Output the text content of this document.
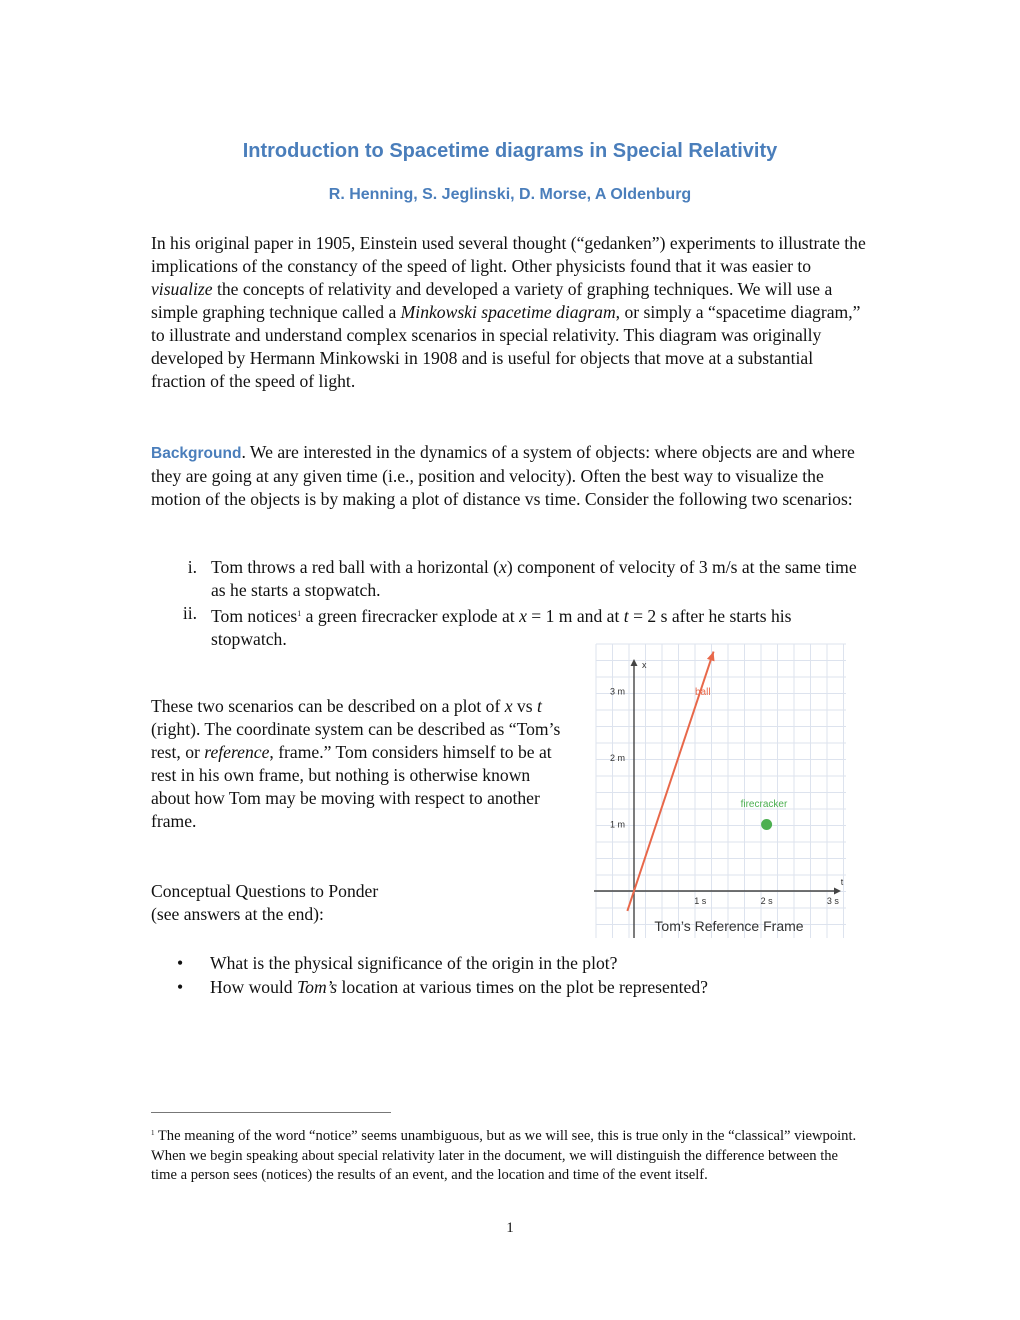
Introduction to Spacetime diagrams in Special Relativity
R. Henning, S. Jeglinski, D. Morse, A Oldenburg

In his original paper in 1905, Einstein used several thought (“gedanken”) experiments to illustrate the implications of the constancy of the speed of light. Other physicists found that it was easier to visualize the concepts of relativity and developed a variety of graphing techniques. We will use a simple graphing technique called a Minkowski spacetime diagram, or simply a “spacetime diagram,” to illustrate and understand complex scenarios in special relativity. This diagram was originally developed by Hermann Minkowski in 1908 and is useful for objects that move at a substantial fraction of the speed of light.

Background. We are interested in the dynamics of a system of objects: where objects are and where they are going at any given time (i.e., position and velocity). Often the best way to visualize the motion of the objects is by making a plot of distance vs time. Consider the following two scenarios:

i. Tom throws a red ball with a horizontal (x) component of velocity of 3 m/s at the same time as he starts a stopwatch.
ii. Tom notices$^1$ a green firecracker explode at x = 1 m and at t = 2 s after he starts his stopwatch.

These two scenarios can be described on a plot of x vs t (right). The coordinate system can be described as “Tom’s rest, or reference, frame.” Tom considers himself to be at rest in his own frame, but nothing is otherwise known about how Tom may be moving with respect to another frame.

Conceptual Questions to Ponder
(see answers at the end):

•	What is the physical significance of the origin in the plot?
•	How would Tom’s location at various times on the plot be represented?

$^1$ The meaning of the word “notice” seems unambiguous, but as we will see, this is true only in the “classical” viewpoint. When we begin speaking about special relativity later in the document, we will distinguish the difference between the time a person sees (notices) the results of an event, and the location and time of the event itself.

1
x
t
1 s	2 s	3 s
1 m
2 m
3 m	ball
firecracker
Tom’s Reference Frame
